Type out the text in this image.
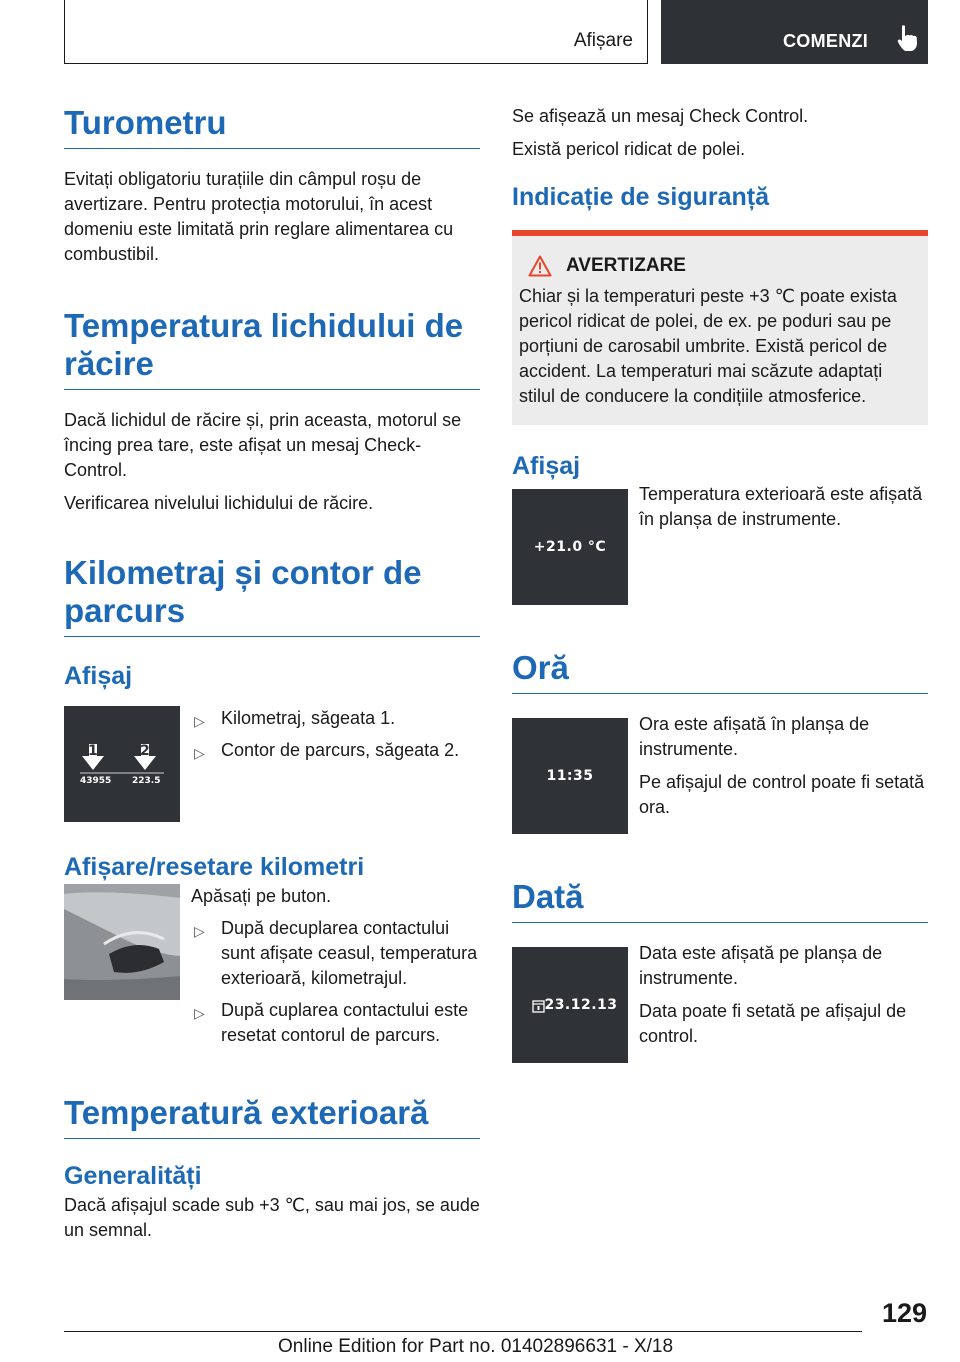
Afișare	COMENZI
Turometru

Evitați obligatoriu turațiile din câmpul roșu de avertizare. Pentru protecția motorului, în acest domeniu este limitată prin reglare alimentarea cu combustibil.

Temperatura lichidului de răcire

Dacă lichidul de răcire și, prin aceasta, motorul se încing prea tare, este afișat un mesaj Check-Control.

Verificarea nivelului lichidului de răcire.

Kilometraj și contor de parcurs
Afișaj
1	2
43955 223.5
▷ Kilometraj, săgeata 1.
▷ Contor de parcurs, săgeata 2.
Afișare/resetare kilometri

Apăsați pe buton.

▷ După decuplarea contactului sunt afișate ceasul, temperatura exterioară, kilometrajul.
▷ După cuplarea contactului este resetat contorul de parcurs.
Temperatură exterioară
Generalități

Dacă afișajul scade sub +3 ℃, sau mai jos, se aude un semnal.

Se afișează un mesaj Check Control.

Există pericol ridicat de polei.

Indicație de siguranță
AVERTIZARE

Chiar și la temperaturi peste +3 ℃ poate exista pericol ridicat de polei, de ex. pe poduri sau pe porțiuni de carosabil umbrite. Există pericol de accident. La temperaturi mai scăzute adaptați stilul de conducere la condițiile atmosferice.

Afișaj
+21.0 °C

Temperatura exterioară este afișată în planșa de instrumente.

Oră
11:35

Ora este afișată în planșa de instrumente.

Pe afișajul de control poate fi setată ora.

Dată
23.12.13

Data este afișată pe planșa de instrumente.

Data poate fi setată pe afișajul de control.

129
Online Edition for Part no. 01402896631 - X/18
